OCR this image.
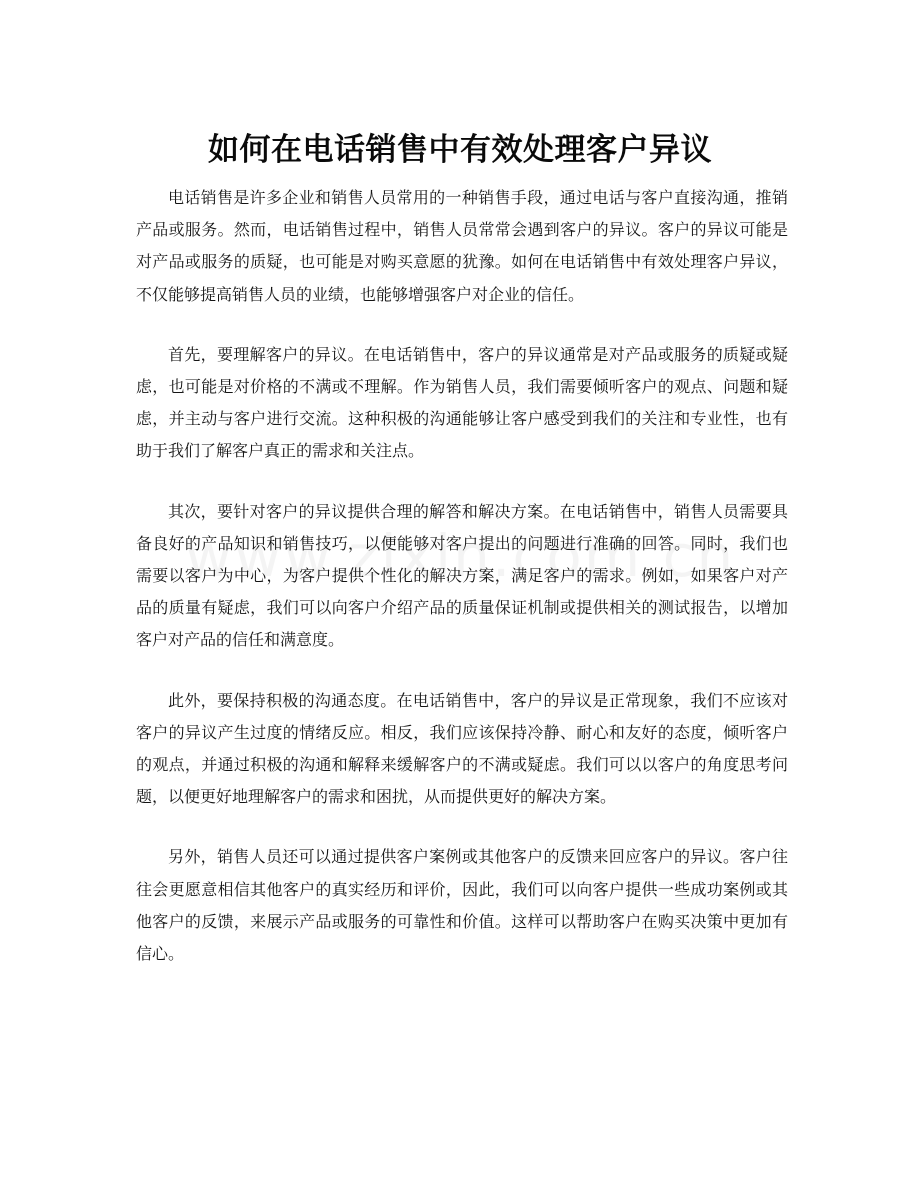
如何在电话销售中有效处理客户异议

电话销售是许多企业和销售人员常用的一种销售手段，通过电话与客户直接沟通，推销产品或服务。然而，电话销售过程中，销售人员常常会遇到客户的异议。客户的异议可能是对产品或服务的质疑，也可能是对购买意愿的犹豫。如何在电话销售中有效处理客户异议，不仅能够提高销售人员的业绩，也能够增强客户对企业的信任。

首先，要理解客户的异议。在电话销售中，客户的异议通常是对产品或服务的质疑或疑虑，也可能是对价格的不满或不理解。作为销售人员，我们需要倾听客户的观点、问题和疑虑，并主动与客户进行交流。这种积极的沟通能够让客户感受到我们的关注和专业性，也有助于我们了解客户真正的需求和关注点。

其次，要针对客户的异议提供合理的解答和解决方案。在电话销售中，销售人员需要具备良好的产品知识和销售技巧，以便能够对客户提出的问题进行准确的回答。同时，我们也需要以客户为中心，为客户提供个性化的解决方案，满足客户的需求。例如，如果客户对产品的质量有疑虑，我们可以向客户介绍产品的质量保证机制或提供相关的测试报告，以增加客户对产品的信任和满意度。

此外，要保持积极的沟通态度。在电话销售中，客户的异议是正常现象，我们不应该对客户的异议产生过度的情绪反应。相反，我们应该保持冷静、耐心和友好的态度，倾听客户的观点，并通过积极的沟通和解释来缓解客户的不满或疑虑。我们可以以客户的角度思考问题，以便更好地理解客户的需求和困扰，从而提供更好的解决方案。

另外，销售人员还可以通过提供客户案例或其他客户的反馈来回应客户的异议。客户往往会更愿意相信其他客户的真实经历和评价，因此，我们可以向客户提供一些成功案例或其他客户的反馈，来展示产品或服务的可靠性和价值。这样可以帮助客户在购买决策中更加有信心。
